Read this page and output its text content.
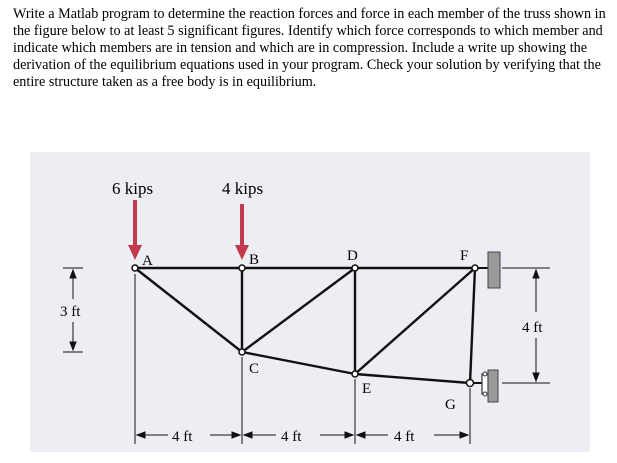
Write a Matlab program to determine the reaction forces and force in each member of the truss shown in the figure below to at least 5 significant figures. Identify which force corresponds to which member and indicate which members are in tension and which are in compression. Include a write up showing the derivation of the equilibrium equations used in your program. Check your solution by verifying that the entire structure taken as a free body is in equilibrium.

6 kips	4 kips
A	B	D	F
C
E
G
3 ft
4 ft
4 ft	4 ft	4 ft
